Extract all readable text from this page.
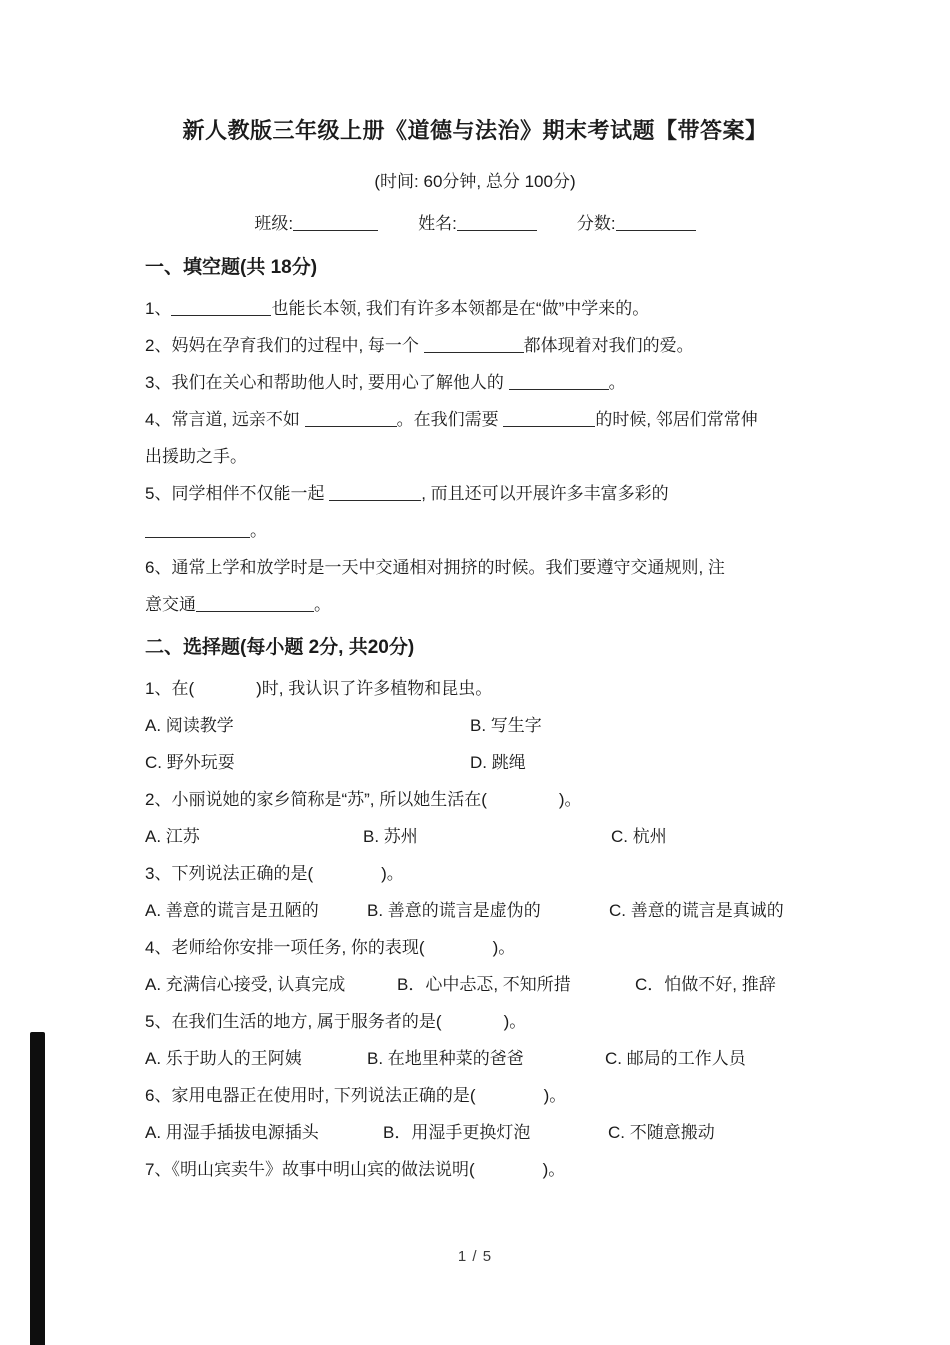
新人教版三年级上册《道德与法治》期末考试题【带答案】
(时间: 60分钟, 总分 100分)
班级:	姓名:	分数:
一、填空题(共 18分)
1、	也能长本领, 我们有许多本领都是在“做”中学来的。
2、妈妈在孕育我们的过程中, 每一个	都体现着对我们的爱。
3、我们在关心和帮助他人时, 要用心了解他人的	。
4、常言道, 远亲不如	。在我们需要	的时候, 邻居们常常伸
出援助之手。
5、同学相伴不仅能一起	, 而且还可以开展许多丰富多彩的
。
6、通常上学和放学时是一天中交通相对拥挤的时候。我们要遵守交通规则, 注
意交通	。
二、选择题(每小题 2分, 共20分)
1、在(	)时, 我认识了许多植物和昆虫。
A. 阅读教学	B. 写生字
C. 野外玩耍	D. 跳绳
2、小丽说她的家乡简称是“苏”, 所以她生活在(	)。
A. 江苏	B. 苏州	C. 杭州
3、下列说法正确的是(	)。
A. 善意的谎言是丑陋的	B. 善意的谎言是虚伪的	C. 善意的谎言是真诚的
4、老师给你安排一项任务, 你的表现(	)。
A. 充满信心接受, 认真完成	B．心中忐忑, 不知所措	C．怕做不好, 推辞
5、在我们生活的地方, 属于服务者的是(	)。
A. 乐于助人的王阿姨	B. 在地里种菜的爸爸	C. 邮局的工作人员
6、家用电器正在使用时, 下列说法正确的是(	)。
A. 用湿手插拔电源插头	B．用湿手更换灯泡	C. 不随意搬动
7、《明山宾卖牛》故事中明山宾的做法说明(	)。
1 / 5
